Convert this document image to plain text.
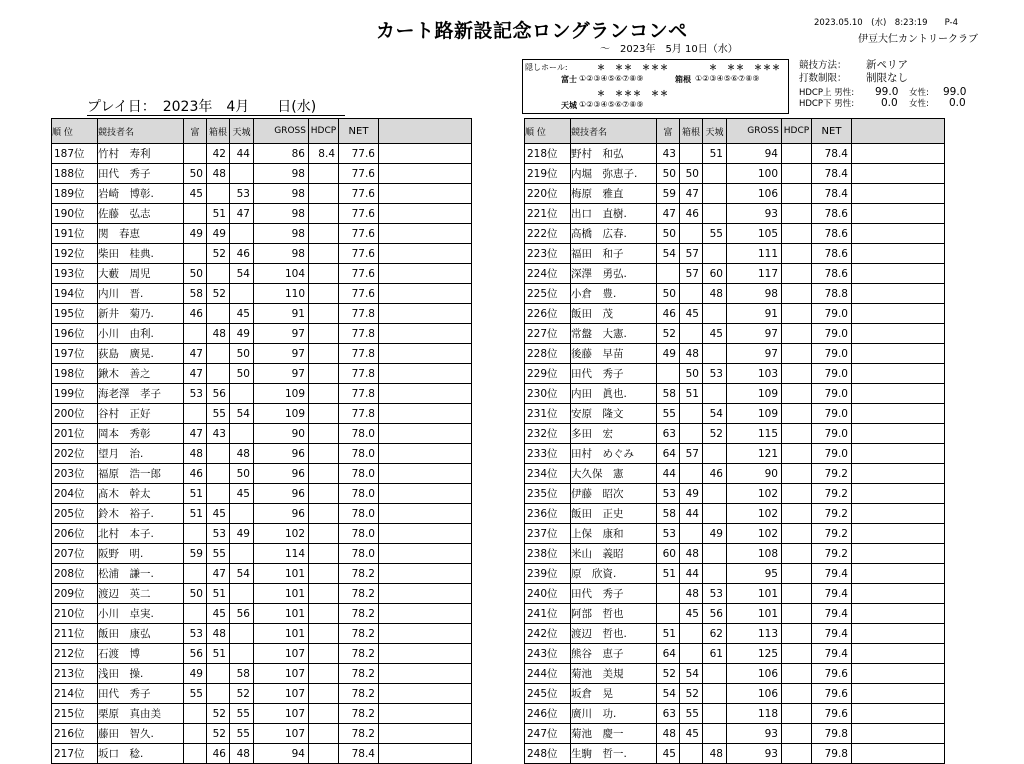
カート路新設記念ロングランコンペ	2023.05.10　(水)　8:23:19　　P-4
伊豆大仁カントリークラブ
～　2023年　5月 10日（水）
プレイ日：　2023年　4月　　日(水)
隠しホール:	＊　＊＊　＊＊＊	＊　＊＊　＊＊＊
富士 ①②③④⑤⑥⑦⑧⑨	箱根 ①②③④⑤⑥⑦⑧⑨
＊　＊＊＊　＊＊
天城 ①②③④⑤⑥⑦⑧⑨
競技方法： 新ペリア
打数制限： 制限なし
HDCP上 男性: 99.0 女性: 99.0
HDCP下 男性:	0.0 女性: 0.0
順 位	競技者名	富	箱根	天城	GROSS	HDCP	NET	
187位	竹村　寿利		42	44	86	8.4	77.6	
188位	田代　秀子	50	48		98		77.6	
189位	岩崎　博彰.	45		53	98		77.6	
190位	佐藤　弘志		51	47	98		77.6	
191位	関　春恵	49	49		98		77.6	
192位	柴田　桂典.		52	46	98		77.6	
193位	大藪　周児	50		54	104		77.6	
194位	内川　晋.	58	52		110		77.6	
195位	新井　菊乃.	46		45	91		77.8	
196位	小川　由利.		48	49	97		77.8	
197位	荻島　廣晃.	47		50	97		77.8	
198位	鍬木　善之	47		50	97		77.8	
199位	海老澤　孝子	53	56		109		77.8	
200位	谷村　正好		55	54	109		77.8	
201位	岡本　秀彰	47	43		90		78.0	
202位	望月　治.	48		48	96		78.0	
203位	福原　浩一郎	46		50	96		78.0	
204位	髙木　幹太	51		45	96		78.0	
205位	鈴木　裕子.	51	45		96		78.0	
206位	北村　本子.		53	49	102		78.0	
207位	阪野　明.	59	55		114		78.0	
208位	松浦　謙一.		47	54	101		78.2	
209位	渡辺　英二	50	51		101		78.2	
210位	小川　卓実.		45	56	101		78.2	
211位	飯田　康弘	53	48		101		78.2	
212位	石渡　博	56	51		107		78.2	
213位	浅田　操.	49		58	107		78.2	
214位	田代　秀子	55		52	107		78.2	
215位	栗原　真由美		52	55	107		78.2	
216位	藤田　智久.		52	55	107		78.2	
217位	坂口　稔.		46	48	94		78.4	
順 位	競技者名	富	箱根	天城	GROSS	HDCP	NET	
218位	野村　和弘	43		51	94		78.4	
219位	内堀　弥恵子.	50	50		100		78.4	
220位	梅原　雅直	59	47		106		78.4	
221位	出口　直樹.	47	46		93		78.6	
222位	高橋　広春.	50		55	105		78.6	
223位	福田　和子	54	57		111		78.6	
224位	深澤　勇弘.		57	60	117		78.6	
225位	小倉　豊.	50		48	98		78.8	
226位	飯田　茂	46	45		91		79.0	
227位	常盤　大憲.	52		45	97		79.0	
228位	後藤　早苗	49	48		97		79.0	
229位	田代　秀子		50	53	103		79.0	
230位	内田　眞也.	58	51		109		79.0	
231位	安原　隆文	55		54	109		79.0	
232位	多田　宏	63		52	115		79.0	
233位	田村　めぐみ	64	57		121		79.0	
234位	大久保　憲	44		46	90		79.2	
235位	伊藤　昭次	53	49		102		79.2	
236位	飯田　正史	58	44		102		79.2	
237位	上保　康和	53		49	102		79.2	
238位	米山　義昭	60	48		108		79.2	
239位	原　欣資.	51	44		95		79.4	
240位	田代　秀子		48	53	101		79.4	
241位	阿部　哲也		45	56	101		79.4	
242位	渡辺　哲也.	51		62	113		79.4	
243位	熊谷　恵子	64		61	125		79.4	
244位	菊池　美規	52	54		106		79.6	
245位	坂倉　晃	54	52		106		79.6	
246位	廣川　功.	63	55		118		79.6	
247位	菊池　慶一	48	45		93		79.8	
248位	生駒　哲一.	45		48	93		79.8	
